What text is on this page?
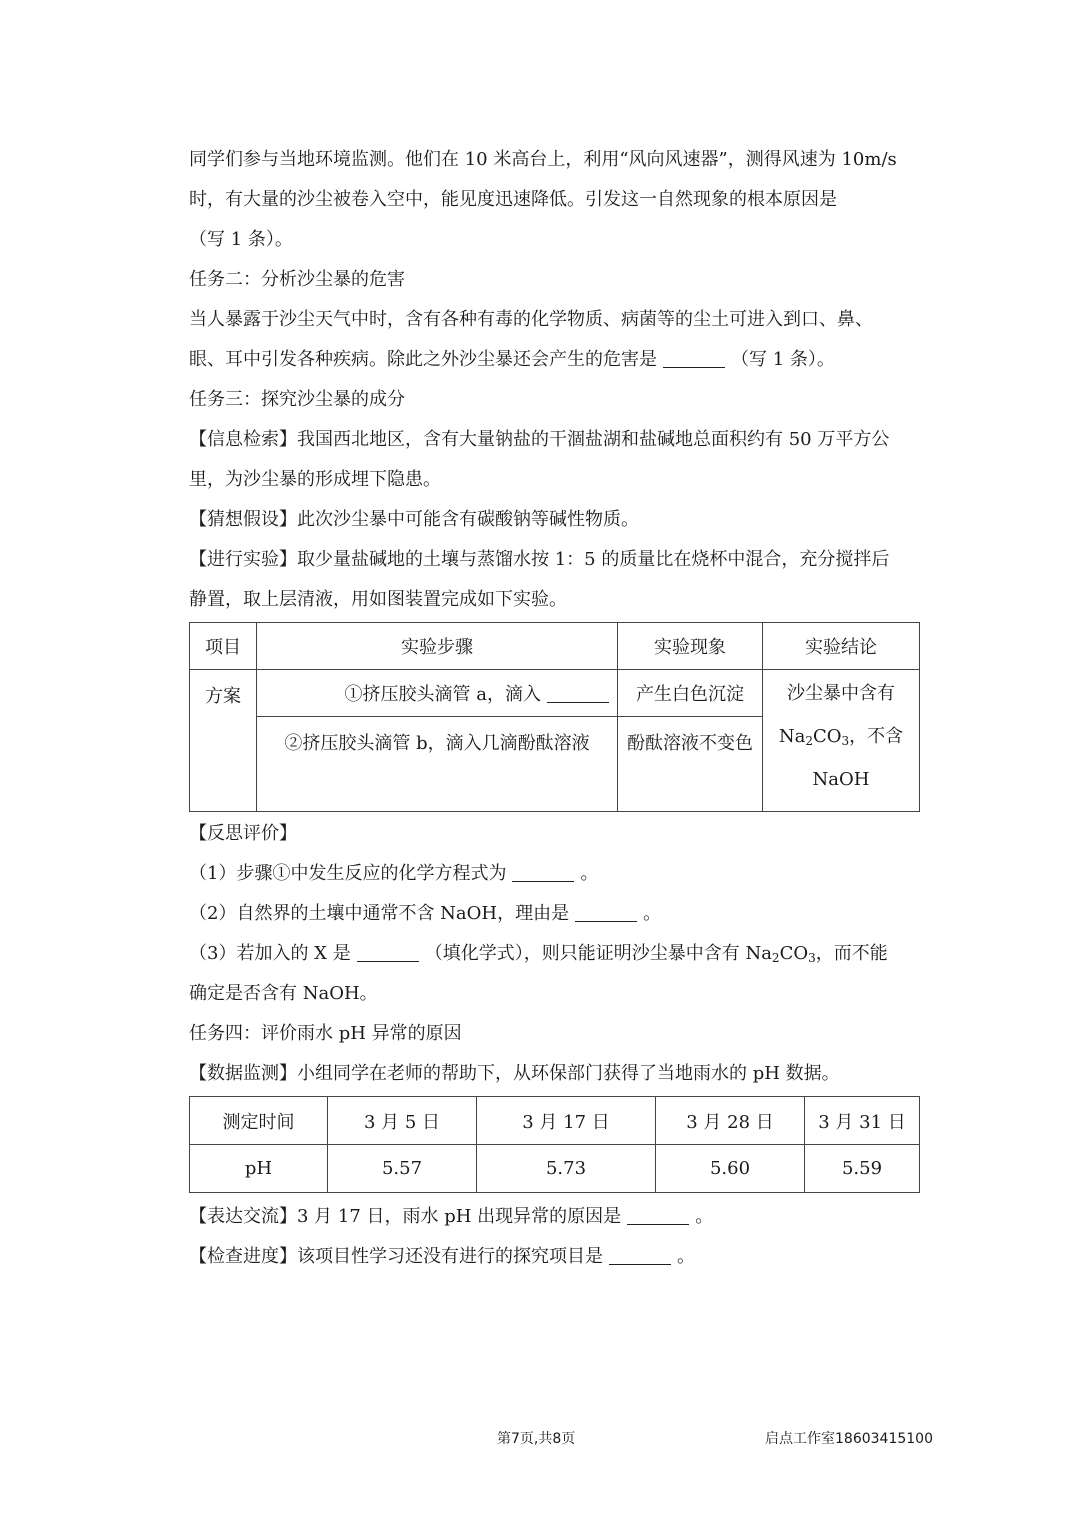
同学们参与当地环境监测。他们在 10 米高台上，利用“风向风速器”，测得风速为 10m/s

时，有大量的沙尘被卷入空中，能见度迅速降低。引发这一自然现象的根本原因是

（写 1 条）。

任务二：分析沙尘暴的危害

当人暴露于沙尘天气中时，含有各种有毒的化学物质、病菌等的尘土可进入到口、鼻、

眼、耳中引发各种疾病。除此之外沙尘暴还会产生的危害是	（写 1 条）。

任务三：探究沙尘暴的成分

【信息检索】我国西北地区，含有大量钠盐的干涸盐湖和盐碱地总面积约有 50 万平方公

里，为沙尘暴的形成埋下隐患。

【猜想假设】此次沙尘暴中可能含有碳酸钠等碱性物质。

【进行实验】取少量盐碱地的土壤与蒸馏水按 1：5 的质量比在烧杯中混合，充分搅拌后

静置，取上层清液，用如图装置完成如下实验。

项目	实验步骤	实验现象	实验结论
方案	①挤压胶头滴管 a，滴入	产生白色沉淀	沙尘暴中含有
$Na_2CO_3$，不含
NaOH

	②挤压胶头滴管 b，滴入几滴酚酞溶液	酚酞溶液不变色	

【反思评价】

（1）步骤①中发生反应的化学方程式为	。

（2）自然界的土壤中通常不含 NaOH，理由是	。

（3）若加入的 X 是	（填化学式），则只能证明沙尘暴中含有 $Na_2CO_3$，而不能

确定是否含有 NaOH。

任务四：评价雨水 pH 异常的原因

【数据监测】小组同学在老师的帮助下，从环保部门获得了当地雨水的 pH 数据。

测定时间	3 月 5 日	3 月 17 日	3 月 28 日	3 月 31 日
pH	5.57	5.73	5.60	5.59

【表达交流】3 月 17 日，雨水 pH 出现异常的原因是	。

【检查进度】该项目性学习还没有进行的探究项目是	。

第7页,共8页	启点工作室18603415100
